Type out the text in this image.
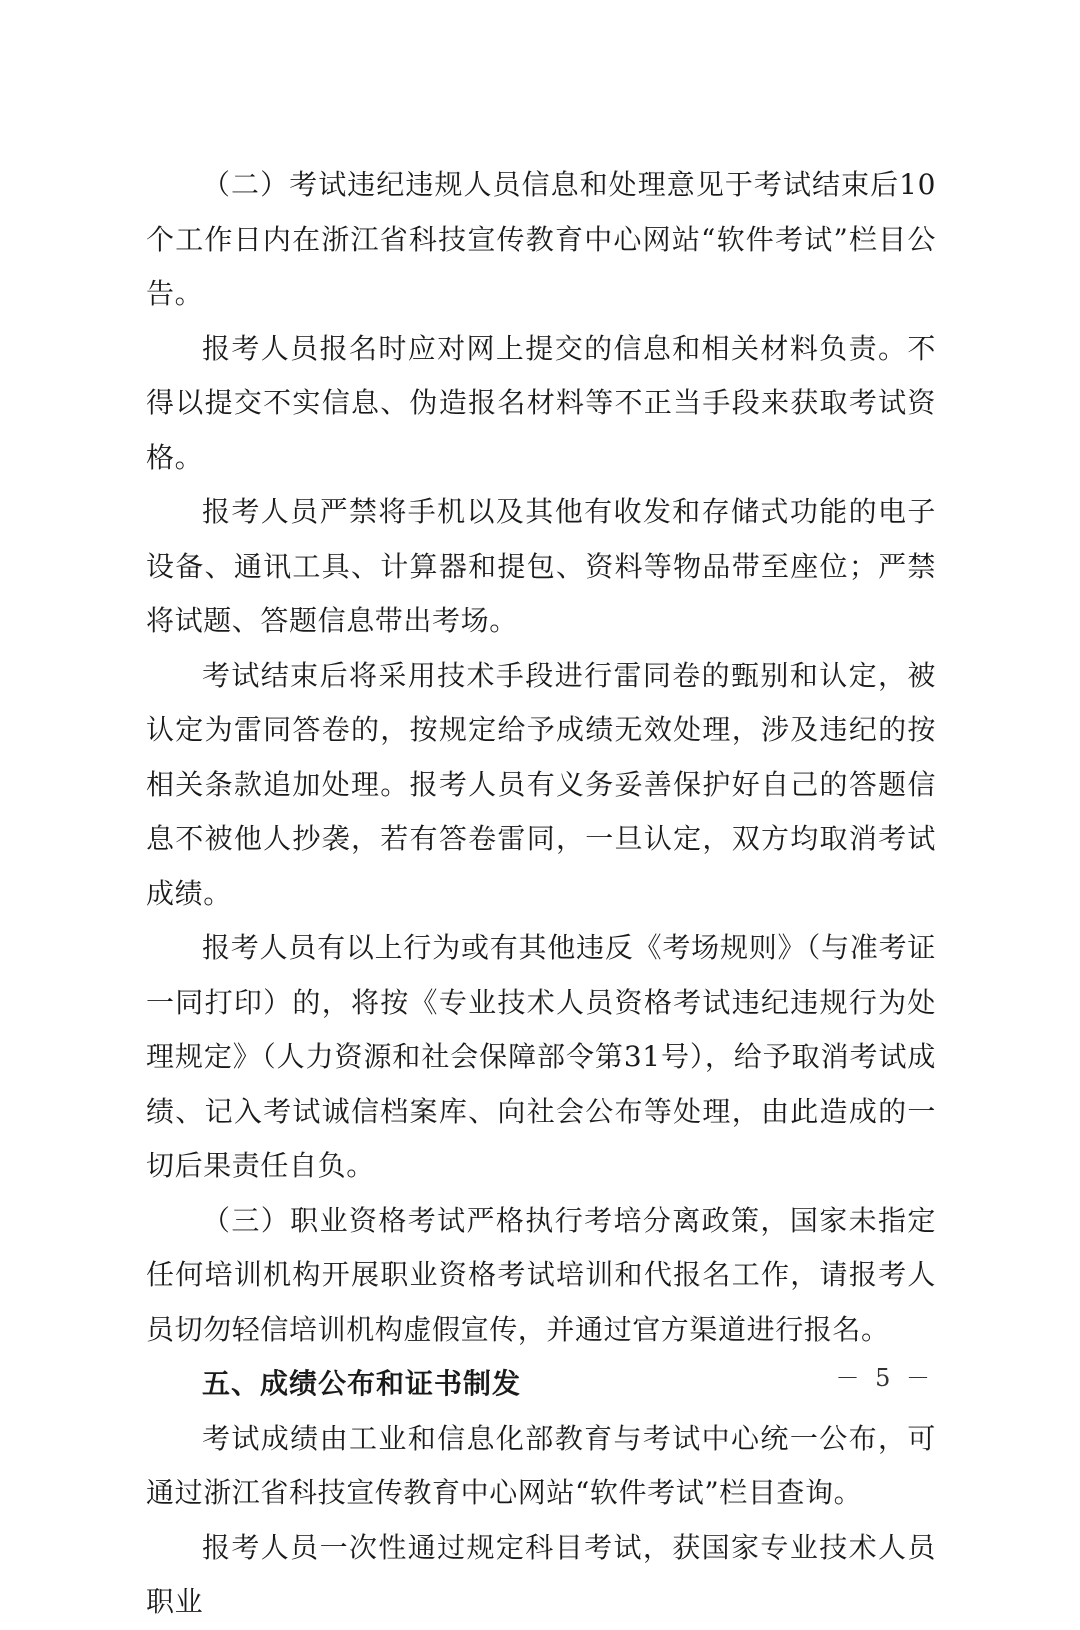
（二）考试违纪违规人员信息和处理意见于考试结束后10个工作日内在浙江省科技宣传教育中心网站“软件考试”栏目公告。

报考人员报名时应对网上提交的信息和相关材料负责。不得以提交不实信息、伪造报名材料等不正当手段来获取考试资格。

报考人员严禁将手机以及其他有收发和存储式功能的电子设备、通讯工具、计算器和提包、资料等物品带至座位；严禁将试题、答题信息带出考场。

考试结束后将采用技术手段进行雷同卷的甄别和认定，被认定为雷同答卷的，按规定给予成绩无效处理，涉及违纪的按相关条款追加处理。报考人员有义务妥善保护好自己的答题信息不被他人抄袭，若有答卷雷同，一旦认定，双方均取消考试成绩。

报考人员有以上行为或有其他违反《考场规则》（与准考证一同打印）的，将按《专业技术人员资格考试违纪违规行为处理规定》（人力资源和社会保障部令第31号），给予取消考试成绩、记入考试诚信档案库、向社会公布等处理，由此造成的一切后果责任自负。

（三）职业资格考试严格执行考培分离政策，国家未指定任何培训机构开展职业资格考试培训和代报名工作，请报考人员切勿轻信培训机构虚假宣传，并通过官方渠道进行报名。

五、成绩公布和证书制发

考试成绩由工业和信息化部教育与考试中心统一公布，可通过浙江省科技宣传教育中心网站“软件考试”栏目查询。

报考人员一次性通过规定科目考试，获国家专业技术人员职业

－ 5 －
